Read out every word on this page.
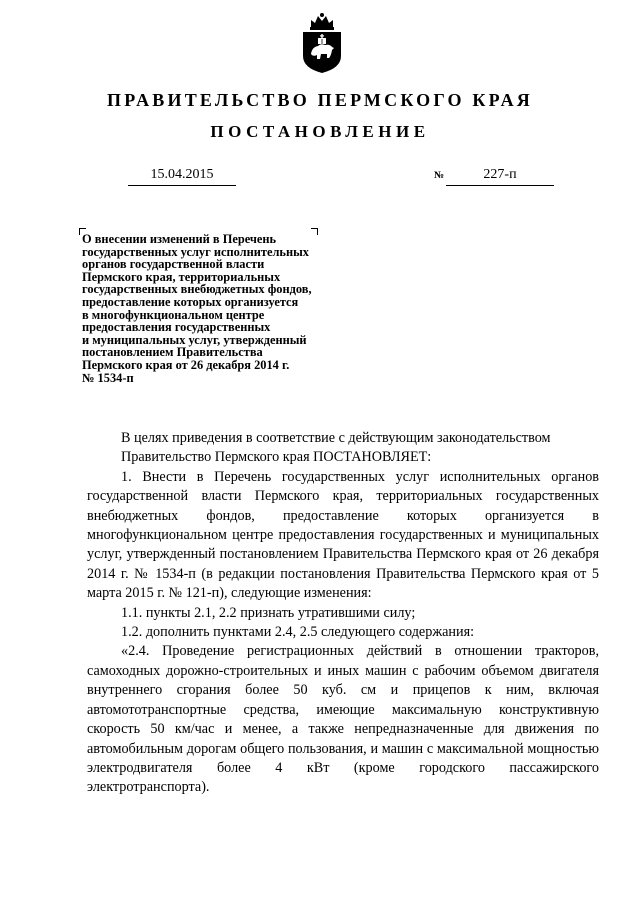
ПРАВИТЕЛЬСТВО ПЕРМСКОГО КРАЯ
ПОСТАНОВЛЕНИЕ
15.04.2015	№	227-п
О внесении изменений в Перечень
государственных услуг исполнительных
органов государственной власти
Пермского края, территориальных
государственных внебюджетных фондов,
предоставление которых организуется
в многофункциональном центре
предоставления государственных
и муниципальных услуг, утвержденный
постановлением Правительства
Пермского края от 26 декабря 2014 г.
№ 1534-п

В целях приведения в соответствие с действующим законодательством

Правительство Пермского края ПОСТАНОВЛЯЕТ:

1. Внести в Перечень государственных услуг исполнительных органов государственной власти Пермского края, территориальных государственных внебюджетных фондов, предоставление которых организуется в многофункциональном центре предоставления государственных и муниципальных услуг, утвержденный постановлением Правительства Пермского края от 26 декабря 2014 г. № 1534-п (в редакции постановления Правительства Пермского края от 5 марта 2015 г. № 121-п), следующие изменения:

1.1. пункты 2.1, 2.2 признать утратившими силу;

1.2. дополнить пунктами 2.4, 2.5 следующего содержания:

«2.4. Проведение регистрационных действий в отношении тракторов, самоходных дорожно-строительных и иных машин с рабочим объемом двигателя внутреннего сгорания более 50 куб. см и прицепов к ним, включая автомототранспортные средства, имеющие максимальную конструктивную скорость 50 км/час и менее, а также непредназначенные для движения по автомобильным дорогам общего пользования, и машин с максимальной мощностью электродвигателя более 4 кВт (кроме городского пассажирского электротранспорта).
